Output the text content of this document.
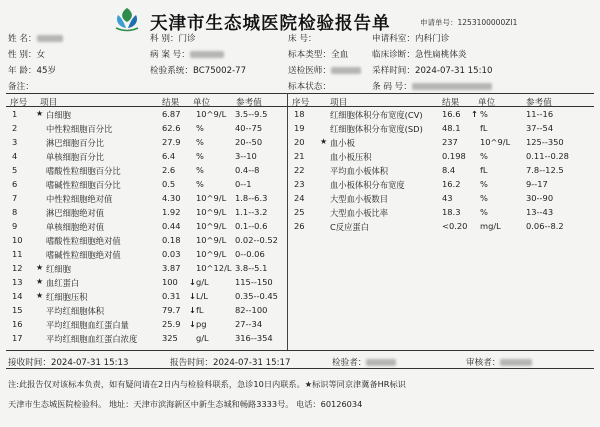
天津市生态城医院检验报告单	申请单号：1253100000ZI1
姓 名：
性 别：女
年 龄：45岁
备注：
科 别：门诊
病 案 号：
检验系统：BC75002-77
床 号：
标本类型：全血
送检医师：
标本状态：
申请科室：内科门诊
临床诊断：急性扁桃体炎
采样时间：2024-07-31 15:10
条 码 号：
序号 项目	结果 单位	参考值	序号 项目	结果 单位	参考值
1 ★ 白细胞	6.87 10^9/L 3.5--9.5
2	中性粒细胞百分比	62.6 %	40--75
3	淋巴细胞百分比	27.9 %	20--50
4	单核细胞百分比	6.4	%	3--10
5	嗜酸性粒细胞百分比	2.6	%	0.4--8
6	嗜碱性粒细胞百分比	0.5	%	0--1
7	中性粒细胞绝对值	4.30 10^9/L 1.8--6.3
8	淋巴细胞绝对值	1.92 10^9/L 1.1--3.2
9	单核细胞绝对值	0.44 10^9/L 0.1--0.6
10	嗜酸性粒细胞绝对值	0.18 10^9/L 0.02--0.52
11	嗜碱性粒细胞绝对值	0.03 10^9/L 0--0.06
12 ★ 红细胞	3.87 10^12/L 3.8--5.1
13 ★ 血红蛋白	100 ↓ g/L	115--150
14 ★ 红细胞压积	0.31 ↓ L/L	0.35--0.45
15	平均红细胞体积	79.7 ↓ fL	82--100
16	平均红细胞血红蛋白量	25.9 ↓ pg	27--34
17	平均红细胞血红蛋白浓度	325 g/L	316--354
18	红细胞体积分布宽度(CV) 16.6 ↑ %	11--16
19	红细胞体积分布宽度(SD) 48.1 fL	37--54
20 ★ 血小板	237	10^9/L 125--350
21	血小板压积	0.198 %	0.11--0.28
22	平均血小板体积	8.4	fL	7.8--12.5
23	血小板体积分布宽度	16.2 %	9--17
24	大型血小板数目	43	%	30--90
25	大型血小板比率	18.3 %	13--43
26	C反应蛋白	<0.20 mg/L	0.06--8.2
接收时间：2024-07-31 15:13	报告时间：2024-07-31 15:17	检验者：	审核者：
注:此报告仅对该标本负责，如有疑问请在2日内与检验科联系，急诊10日内联系。★标识等同京津冀备HR标识
天津市生态城医院检验科。 地址：天津市滨海新区中新生态城和畅路3333号。 电话：60126034
